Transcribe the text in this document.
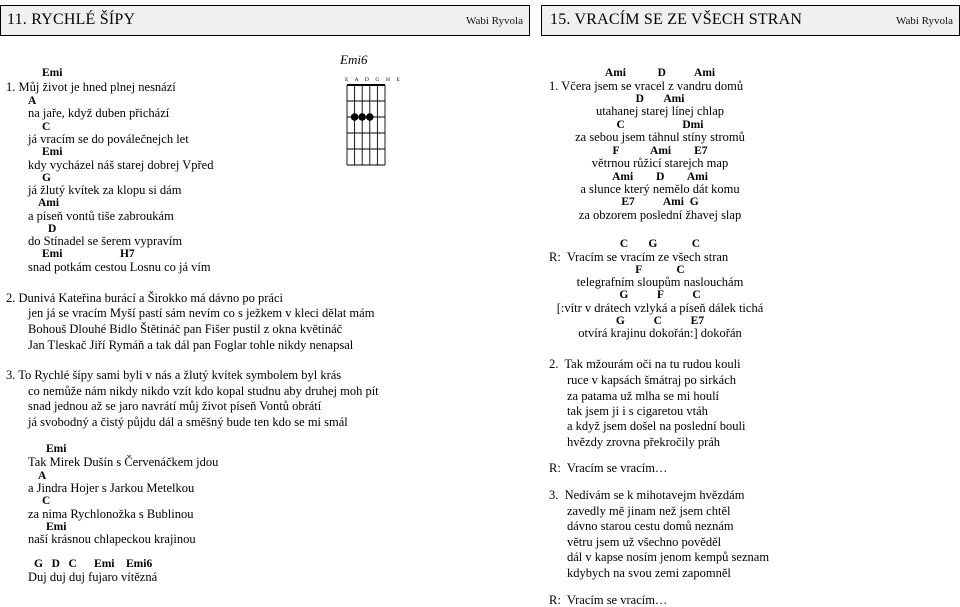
11. RYCHLÉ ŠÍPY	Wabi Ryvola 15. VRACÍM SE ZE VŠECH STRAN	Wabi Ryvola
Emi6
E A D G H E
Emi
1. Můj život je hned plnej nesnází
A
na jaře, když duben přichází
C
já vracím se do poválečnejch let
Emi
kdy vycházel náš starej dobrej Vpřed
G
já žlutý kvítek za klopu si dám
Ami
a píseň vontů tiše zabroukám
D
do Stínadel se šerem vypravím
Emi                    H7
snad potkám cestou Losnu co já vím
2. Dunivá Kateřina burácí a Širokko má dávno po práci
jen já se vracím Myší pastí sám nevím co s ježkem v kleci dělat mám
Bohouš Dlouhé Bidlo Štětináč pan Fišer pustil z okna květináč
Jan Tleskač Jiří Rymáň a tak dál pan Foglar tohle nikdy nenapsal
3. To Rychlé šípy sami byli v nás a žlutý kvítek symbolem byl krás
co nemůže nám nikdy nikdo vzít kdo kopal studnu aby druhej moh pít
snad jednou až se jaro navrátí můj život píseň Vontů obrátí
já svobodný a čistý půjdu dál a směšný bude ten kdo se mi smál
Emi
Tak Mirek Dušín s Červenáčkem jdou
A
a Jindra Hojer s Jarkou Metelkou
C
za nima Rychlonožka s Bublinou
Emi
naší krásnou chlapeckou krajinou
G   D   C      Emi    Emi6
Duj duj duj fujaro vítězná
Ami           D          Ami
1. Včera jsem se vracel z vandru domů
D       Ami
utahanej starej línej chlap
C                    Dmi
za sebou jsem táhnul stíny stromů
F           Ami        E7
větrnou růžicí starejch map
Ami        D        Ami
a slunce který nemělo dát komu
E7          Ami  G
za obzorem poslední žhavej slap
C       G            C
R:  Vracím se vracím ze všech stran
F            C
telegrafním sloupům naslouchám
G          F          C
[:vítr v drátech vzlyká a píseň dálek tichá
G          C          E7
otvírá krajinu dokořán:] dokořán
2.  Tak mžourám oči na tu rudou kouli
ruce v kapsách šmátraj po sirkách
za patama už mlha se mi houlí
tak jsem ji i s cigaretou vtáh
a když jsem došel na poslední bouli
hvězdy zrovna překročily práh
R:  Vracím se vracím…
3.  Nedívám se k mihotavejm hvězdám
zavedly mě jinam než jsem chtěl
dávno starou cestu domů neznám
větru jsem už všechno pověděl
dál v kapse nosím jenom kempů seznam
kdybych na svou zemi zapomněl
R:  Vracím se vracím…
